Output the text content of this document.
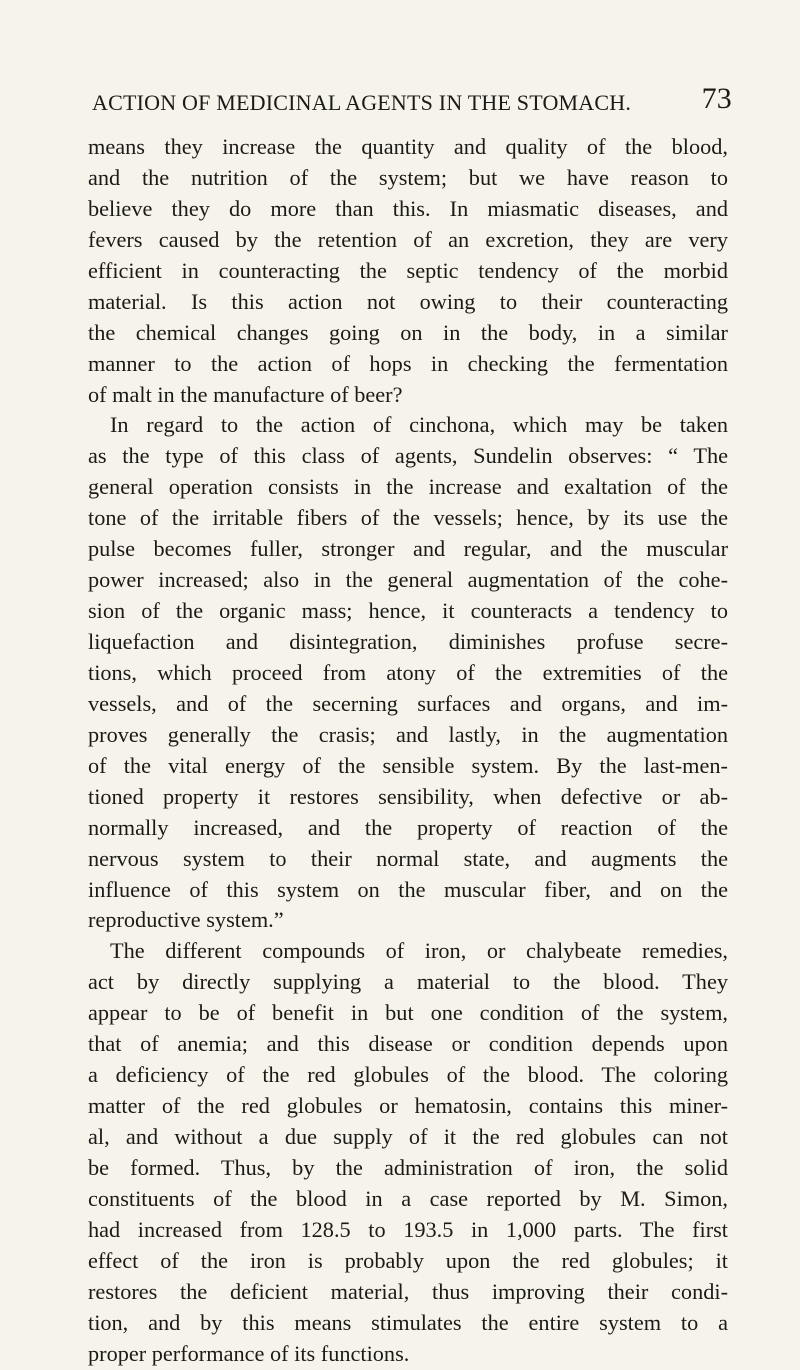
ACTION OF MEDICINAL AGENTS IN THE STOMACH. 73
means they increase the quantity and quality of the blood,
and the nutrition of the system; but we have reason to
believe they do more than this. In miasmatic diseases, and
fevers caused by the retention of an excretion, they are very
efficient in counteracting the septic tendency of the morbid
material. Is this action not owing to their counteracting
the chemical changes going on in the body, in a similar
manner to the action of hops in checking the fermentation
of malt in the manufacture of beer?
In regard to the action of cinchona, which may be taken
as the type of this class of agents, Sundelin observes: “ The
general operation consists in the increase and exaltation of the
tone of the irritable fibers of the vessels; hence, by its use the
pulse becomes fuller, stronger and regular, and the muscular
power increased; also in the general augmentation of the cohe-
sion of the organic mass; hence, it counteracts a tendency to
liquefaction and disintegration, diminishes profuse secre-
tions, which proceed from atony of the extremities of the
vessels, and of the secerning surfaces and organs, and im-
proves generally the crasis; and lastly, in the augmentation
of the vital energy of the sensible system. By the last-men-
tioned property it restores sensibility, when defective or ab-
normally increased, and the property of reaction of the
nervous system to their normal state, and augments the
influence of this system on the muscular fiber, and on the
reproductive system.”
The different compounds of iron, or chalybeate remedies,
act by directly supplying a material to the blood. They
appear to be of benefit in but one condition of the system,
that of anemia; and this disease or condition depends upon
a deficiency of the red globules of the blood. The coloring
matter of the red globules or hematosin, contains this miner-
al, and without a due supply of it the red globules can not
be formed. Thus, by the administration of iron, the solid
constituents of the blood in a case reported by M. Simon,
had increased from 128.5 to 193.5 in 1,000 parts. The first
effect of the iron is probably upon the red globules; it
restores the deficient material, thus improving their condi-
tion, and by this means stimulates the entire system to a
proper performance of its functions.
